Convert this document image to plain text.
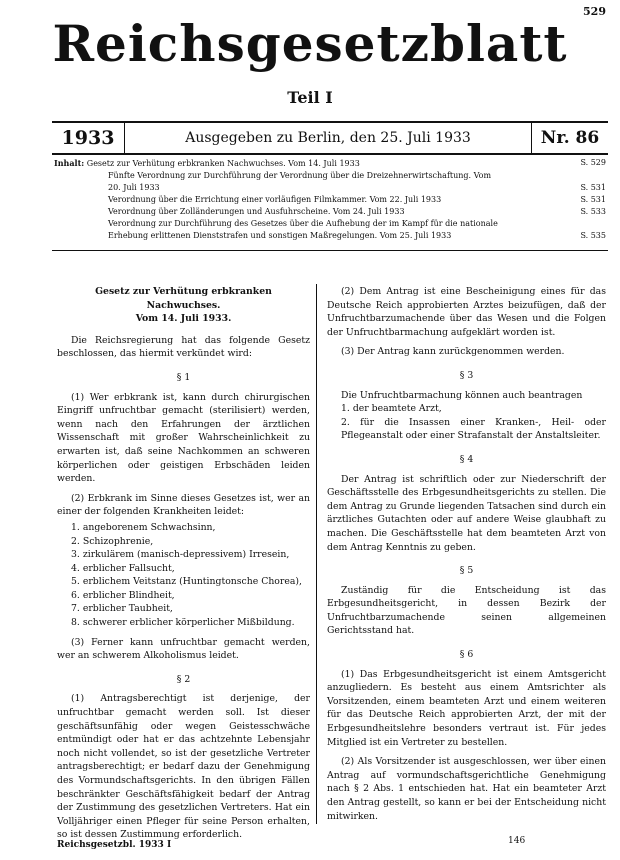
529
Reichsgesetzblatt
Teil I
1933	Ausgegeben zu Berlin, den 25. Juli 1933	Nr. 86
Inhalt: Gesetz zur Verhütung erbkranken Nachwuchses. Vom 14. Juli 1933	S. 529
Fünfte Verordnung zur Durchführung der Verordnung über die Dreizehnerwirtschaftung. Vom
20. Juli 1933	S. 531
Verordnung über die Errichtung einer vorläufigen Filmkammer. Vom 22. Juli 1933	S. 531
Verordnung über Zolländerungen und Ausfuhrscheine. Vom 24. Juli 1933	S. 533
Verordnung zur Durchführung des Gesetzes über die Aufhebung der im Kampf für die nationale
Erhebung erlittenen Dienststrafen und sonstigen Maßregelungen. Vom 25. Juli 1933	S. 535

Gesetz zur Verhütung erbkranken Nachwuchses.

Vom 14. Juli 1933.

Die Reichsregierung hat das folgende Gesetz beschlossen, das hiermit verkündet wird:

§ 1

(1) Wer erbkrank ist, kann durch chirurgischen Eingriff unfruchtbar gemacht (sterilisiert) werden, wenn nach den Erfahrungen der ärztlichen Wissenschaft mit großer Wahrscheinlichkeit zu erwarten ist, daß seine Nachkommen an schweren körperlichen oder geistigen Erbschäden leiden werden.

(2) Erbkrank im Sinne dieses Gesetzes ist, wer an einer der folgenden Krankheiten leidet:

1. angeborenem Schwachsinn,

2. Schizophrenie,

3. zirkulärem (manisch-depressivem) Irresein,

4. erblicher Fallsucht,

5. erblichem Veitstanz (Huntingtonsche Chorea),

6. erblicher Blindheit,

7. erblicher Taubheit,

8. schwerer erblicher körperlicher Mißbildung.

(3) Ferner kann unfruchtbar gemacht werden, wer an schwerem Alkoholismus leidet.

§ 2

(1) Antragsberechtigt ist derjenige, der unfruchtbar gemacht werden soll. Ist dieser geschäftsunfähig oder wegen Geistesschwäche entmündigt oder hat er das achtzehnte Lebensjahr noch nicht vollendet, so ist der gesetzliche Vertreter antragsberechtigt; er bedarf dazu der Genehmigung des Vormundschaftsgerichts. In den übrigen Fällen beschränkter Geschäftsfähigkeit bedarf der Antrag der Zustimmung des gesetzlichen Vertreters. Hat ein Volljähriger einen Pfleger für seine Person erhalten, so ist dessen Zustimmung erforderlich.

(2) Dem Antrag ist eine Bescheinigung eines für das Deutsche Reich approbierten Arztes beizufügen, daß der Unfruchtbarzumachende über das Wesen und die Folgen der Unfruchtbarmachung aufgeklärt worden ist.

(3) Der Antrag kann zurückgenommen werden.

§ 3

Die Unfruchtbarmachung können auch beantragen

1. der beamtete Arzt,

2. für die Insassen einer Kranken-, Heil- oder Pflegeanstalt oder einer Strafanstalt der Anstaltsleiter.

§ 4

Der Antrag ist schriftlich oder zur Niederschrift der Geschäftsstelle des Erbgesundheitsgerichts zu stellen. Die dem Antrag zu Grunde liegenden Tatsachen sind durch ein ärztliches Gutachten oder auf andere Weise glaubhaft zu machen. Die Geschäftsstelle hat dem beamteten Arzt von dem Antrag Kenntnis zu geben.

§ 5

Zuständig für die Entscheidung ist das Erbgesundheitsgericht, in dessen Bezirk der Unfruchtbarzumachende seinen allgemeinen Gerichtsstand hat.

§ 6

(1) Das Erbgesundheitsgericht ist einem Amtsgericht anzugliedern. Es besteht aus einem Amtsrichter als Vorsitzenden, einem beamteten Arzt und einem weiteren für das Deutsche Reich approbierten Arzt, der mit der Erbgesundheitslehre besonders vertraut ist. Für jedes Mitglied ist ein Vertreter zu bestellen.

(2) Als Vorsitzender ist ausgeschlossen, wer über einen Antrag auf vormundschaftsgerichtliche Genehmigung nach § 2 Abs. 1 entschieden hat. Hat ein beamteter Arzt den Antrag gestellt, so kann er bei der Entscheidung nicht mitwirken.

Reichsgesetzbl. 1933 I	146
